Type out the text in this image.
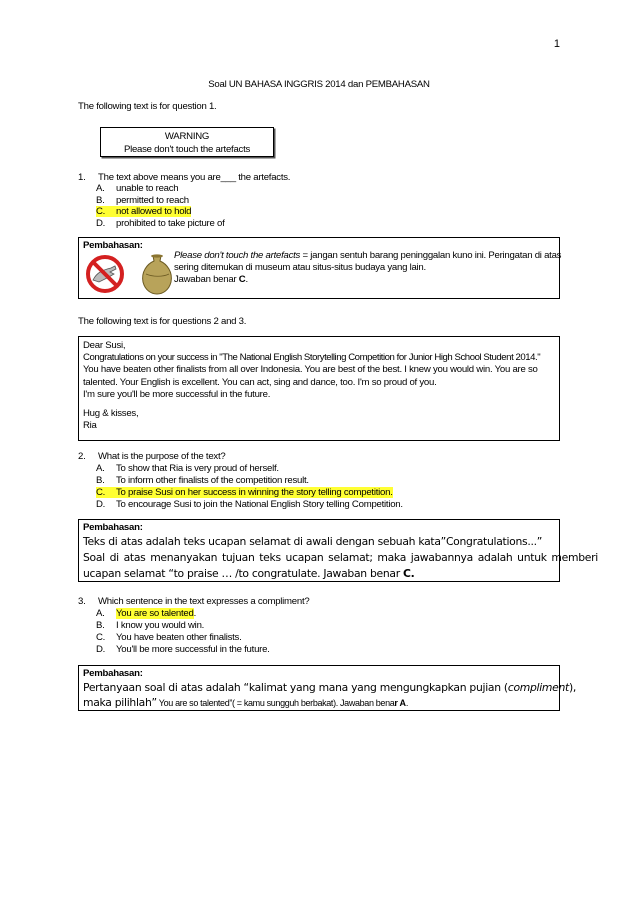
1
Soal UN BAHASA INGGRIS 2014 dan PEMBAHASAN
The following text is for question 1.
WARNING
Please don't touch the artefacts
1. The text above means you are___ the artefacts.
A. unable to reach
B. permitted to reach
C. not allowed to hold
D. prohibited to take picture of
Pembahasan:
Please don't touch the artefacts = jangan sentuh barang peninggalan kuno ini. Peringatan di atas
sering ditemukan di museum atau situs-situs budaya yang lain.
Jawaban benar C.
The following text is for questions 2 and 3.
Dear Susi,
Congratulations on your success in "The National English Storytelling Competition for Junior High School Student 2014."
You have beaten other finalists from all over Indonesia. You are best of the best. I knew you would win. You are so
talented. Your English is excellent. You can act, sing and dance, too. I'm so proud of you.
I'm sure you'll be more successful in the future.
Hug & kisses,
Ria
2. What is the purpose of the text?
A. To show that Ria is very proud of herself.
B. To inform other finalists of the competition result.
C. To praise Susi on her success in winning the story telling competition.
D. To encourage Susi to join the National English Story telling Competition.
Pembahasan:
Teks di atas adalah teks ucapan selamat di awali dengan sebuah kata”Congratulations...”
Soal di atas menanyakan tujuan teks ucapan selamat; maka jawabannya adalah untuk memberi
ucapan selamat “to praise … /to congratulate. Jawaban benar C.
3. Which sentence in the text expresses a compliment?
A. You are so talented.
B. I know you would win.
C. You have beaten other finalists.
D. You'll be more successful in the future.
Pembahasan:
Pertanyaan soal di atas adalah “kalimat yang mana yang mengungkapkan pujian (compliment),
maka pilihlah” You are so talented”( = kamu sungguh berbakat). Jawaban benar A.
